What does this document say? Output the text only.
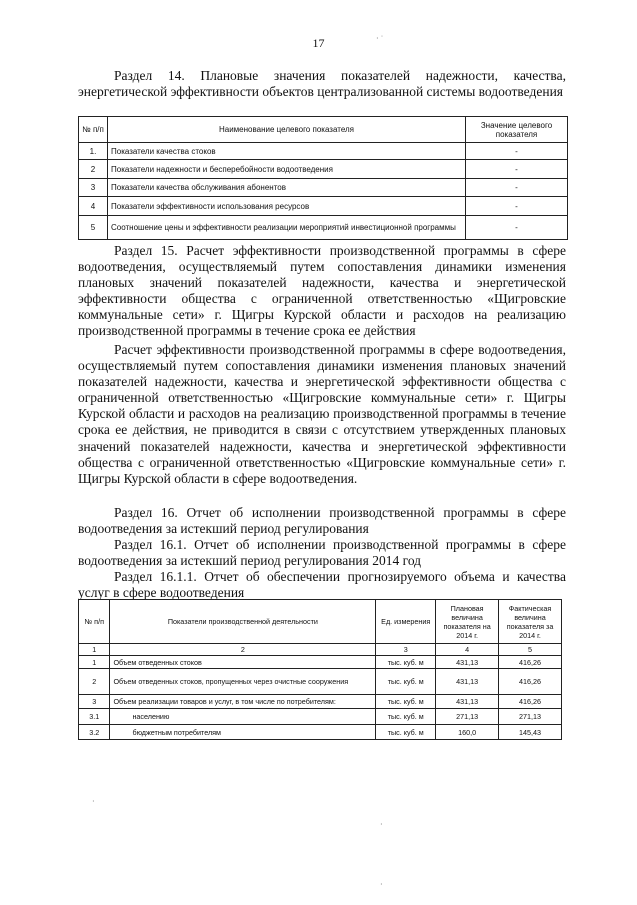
17	· ˙
Раздел 14. Плановые значения показателей надежности, качества, энергетической эффективности объектов централизованной системы водоотведения
№ п/п	Наименование целевого показателя	Значение целевого показателя
1.	Показатели качества стоков	-
2	Показатели надежности и бесперебойности водоотведения	-
3	Показатели качества обслуживания абонентов	-
4	Показатели эффективности использования ресурсов	-
5	Соотношение цены и эффективности реализации мероприятий инвестиционной программы	-
Раздел 15. Расчет эффективности производственной программы в сфере водоотведения, осуществляемый путем сопоставления динамики изменения плановых значений показателей надежности, качества и энергетической эффективности общества с ограниченной ответственностью «Щигровские коммунальные сети» г. Щигры Курской области и расходов на реализацию производственной программы в течение срока ее действия
Расчет эффективности производственной программы в сфере водоотведения, осуществляемый путем сопоставления динамики изменения плановых значений показателей надежности, качества и энергетической эффективности общества с ограниченной ответственностью «Щигровские коммунальные сети» г. Щигры Курской области и расходов на реализацию производственной программы в течение срока ее действия, не приводится в связи с отсутствием утвержденных плановых значений показателей надежности, качества и энергетической эффективности общества с ограниченной ответственностью «Щигровские коммунальные сети» г. Щигры Курской области в сфере водоотведения.
Раздел 16. Отчет об исполнении производственной программы в сфере водоотведения за истекший период регулирования
Раздел 16.1. Отчет об исполнении производственной программы в сфере водоотведения за истекший период регулирования 2014 год
Раздел 16.1.1. Отчет об обеспечении прогнозируемого объема и качества услуг в сфере водоотведения
№ п/п	Показатели производственной деятельности	Ед. измерения	Плановая величина показателя на 2014 г.	Фактическая величина показателя за 2014 г.
1	2	3	4	5
1	Объем отведенных стоков	тыс. куб. м	431,13	416,26
2	Объем отведенных стоков, пропущенных через очистные сооружения	тыс. куб. м	431,13	416,26
3	Объем реализации товаров и услуг, в том числе по потребителям:	тыс. куб. м	431,13	416,26
3.1	населению	тыс. куб. м	271,13	271,13
3.2	бюджетным потребителям	тыс. куб. м	160,0	145,43
·
·
·
